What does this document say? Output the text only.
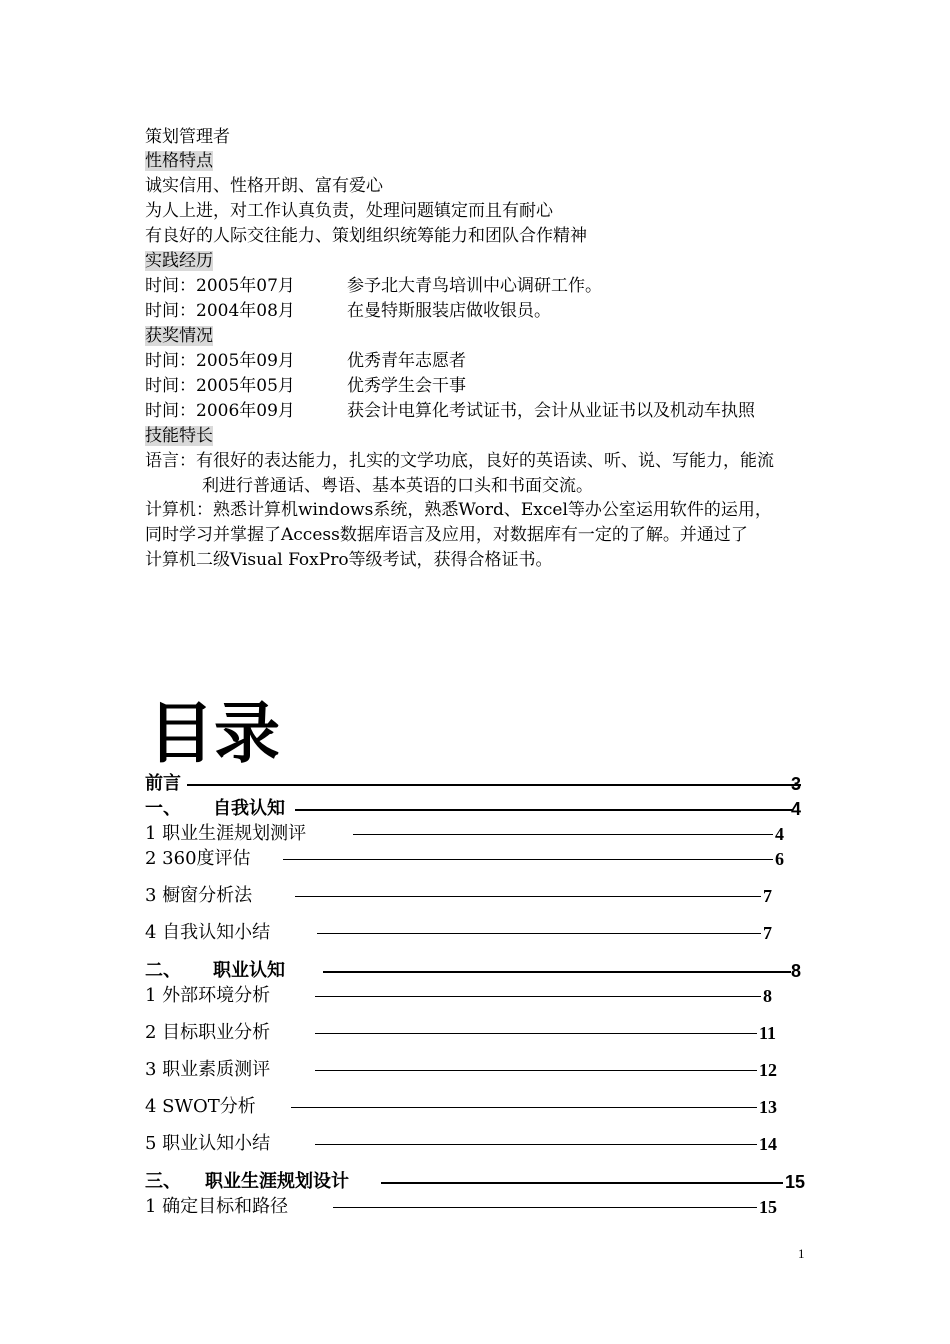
策划管理者
性格特点
诚实信用、性格开朗、富有爱心
为人上进，对工作认真负责，处理问题镇定而且有耐心
有良好的人际交往能力、策划组织统筹能力和团队合作精神
实践经历
时间：2005年07月	参予北大青鸟培训中心调研工作。
时间：2004年08月	在曼特斯服装店做收银员。
获奖情况
时间：2005年09月	优秀青年志愿者
时间：2005年05月	优秀学生会干事
时间：2006年09月	获会计电算化考试证书，会计从业证书以及机动车执照
技能特长
语言：有很好的表达能力，扎实的文学功底，良好的英语读、听、说、写能力，能流
利进行普通话、粤语、基本英语的口头和书面交流。
计算机：熟悉计算机windows系统，熟悉Word、Excel等办公室运用软件的运用，
同时学习并掌握了Access数据库语言及应用，对数据库有一定的了解。并通过了
计算机二级Visual FoxPro等级考试，获得合格证书。
目录
前言	3
一、 自我认知	4
1 职业生涯规划测评	4
2 360度评估	6
3 橱窗分析法	7
4 自我认知小结	7
二、 职业认知	8
1 外部环境分析	8
2 目标职业分析	11
3 职业素质测评	12
4 SWOT分析	13
5 职业认知小结	14
三、 职业生涯规划设计	15
1 确定目标和路径	15
1
